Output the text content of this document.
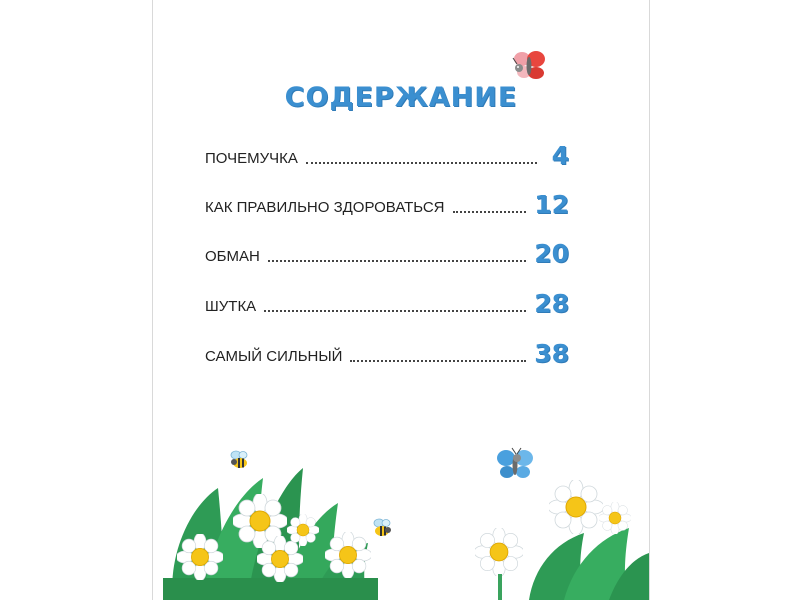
СОДЕРЖАНИЕ
ПОЧЕМУЧКА	4
КАК ПРАВИЛЬНО ЗДОРОВАТЬСЯ	12
ОБМАН	20
ШУТКА	28
САМЫЙ СИЛЬНЫЙ	38
